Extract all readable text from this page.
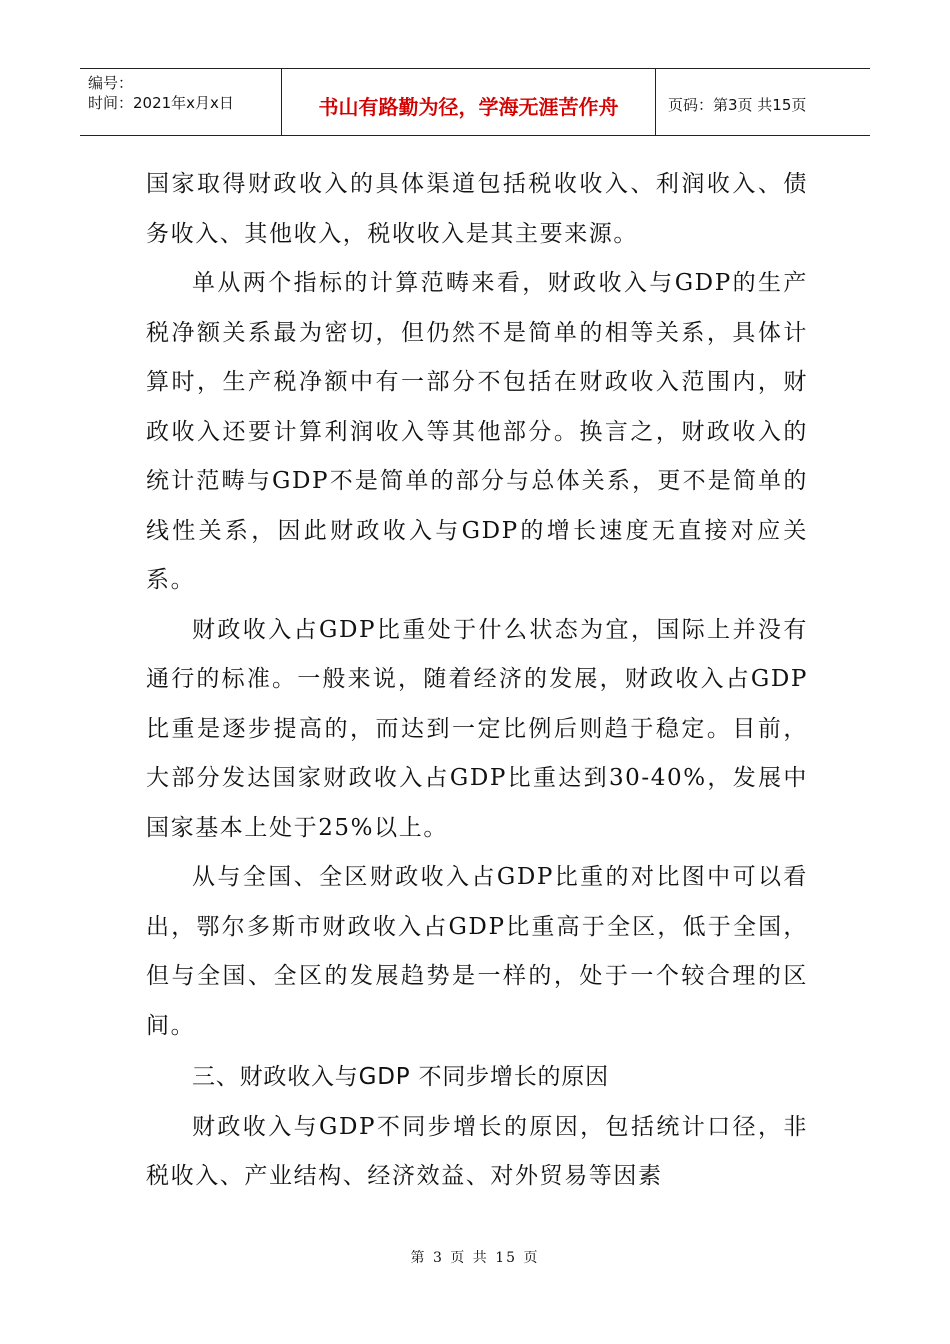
编号：
时间：2021年x月x日	书山有路勤为径，学海无涯苦作舟	页码：第3页 共15页

国家取得财政收入的具体渠道包括税收收入、利润收入、债务收入、其他收入，税收收入是其主要来源。

单从两个指标的计算范畴来看，财政收入与GDP的生产税净额关系最为密切，但仍然不是简单的相等关系，具体计算时，生产税净额中有一部分不包括在财政收入范围内，财政收入还要计算利润收入等其他部分。换言之，财政收入的统计范畴与GDP不是简单的部分与总体关系，更不是简单的线性关系，因此财政收入与GDP的增长速度无直接对应关系。

财政收入占GDP比重处于什么状态为宜，国际上并没有通行的标准。一般来说，随着经济的发展，财政收入占GDP比重是逐步提高的，而达到一定比例后则趋于稳定。目前，大部分发达国家财政收入占GDP比重达到30-40%，发展中国家基本上处于25%以上。

从与全国、全区财政收入占GDP比重的对比图中可以看出，鄂尔多斯市财政收入占GDP比重高于全区，低于全国，但与全国、全区的发展趋势是一样的，处于一个较合理的区间。

三、财政收入与GDP 不同步增长的原因

财政收入与GDP不同步增长的原因，包括统计口径，非税收入、产业结构、经济效益、对外贸易等因素

第 3 页 共 15 页
